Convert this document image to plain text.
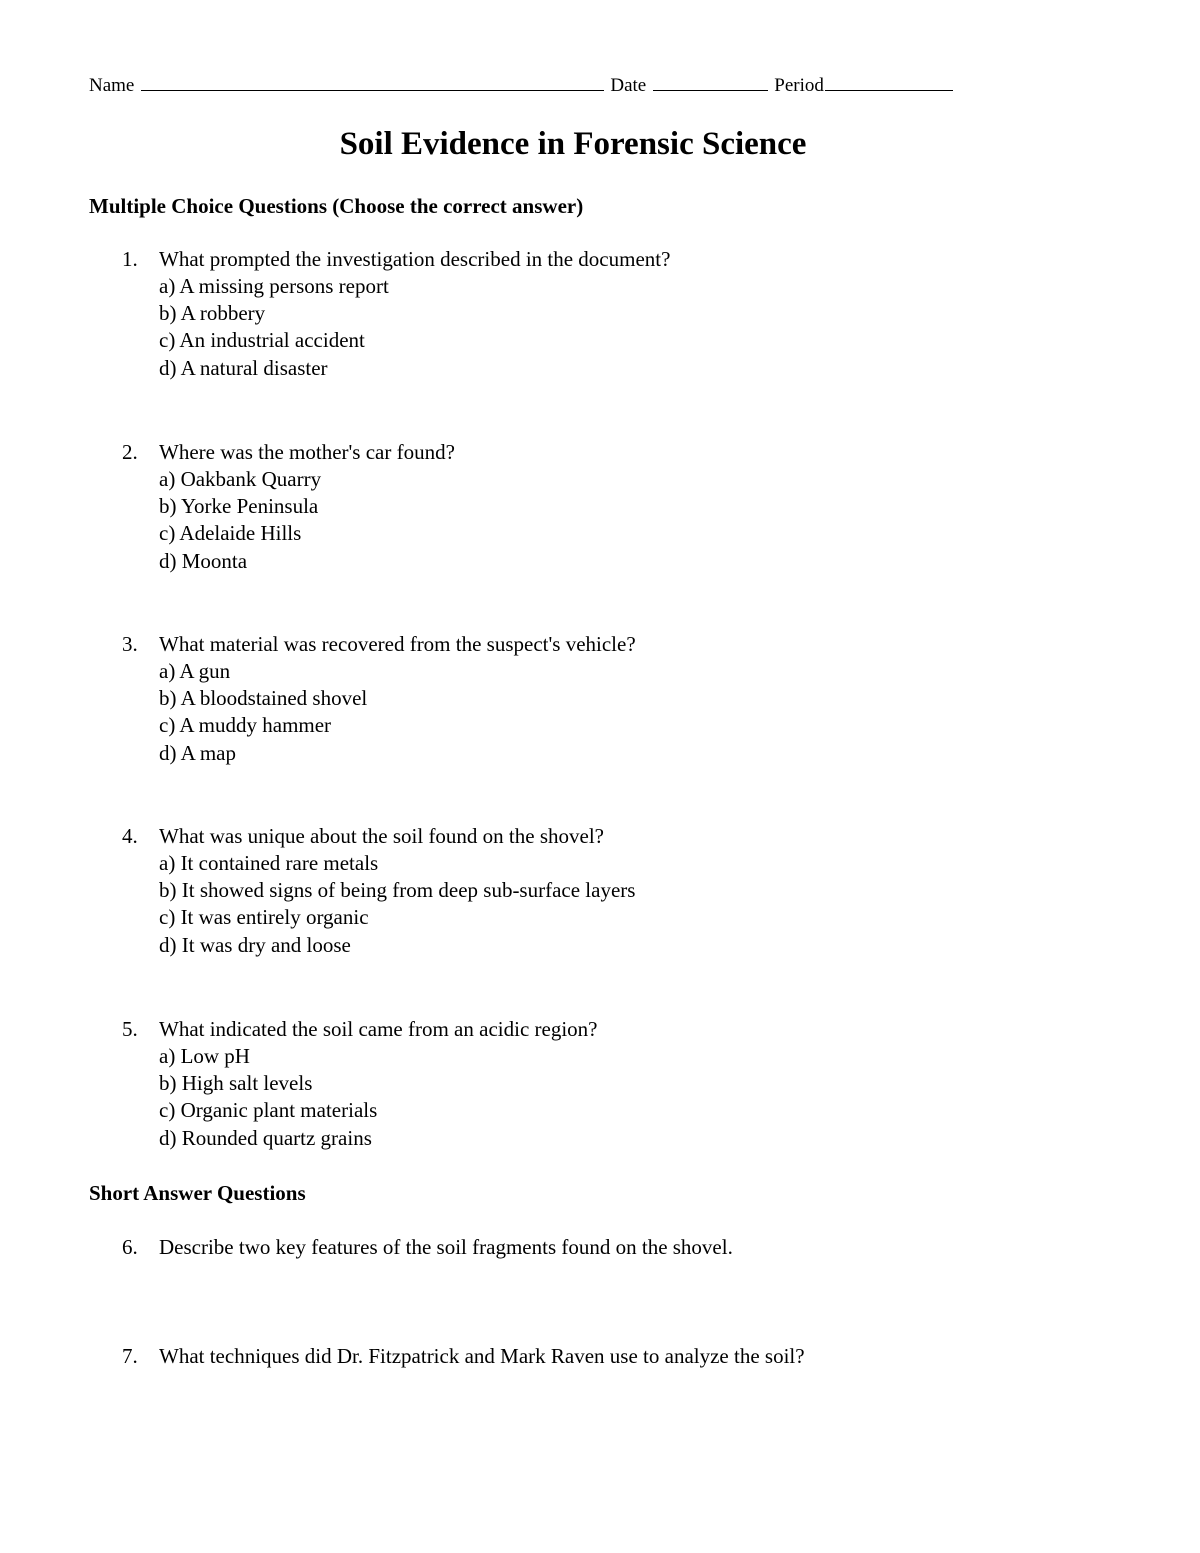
Name	Date	Period
Soil Evidence in Forensic Science
Multiple Choice Questions (Choose the correct answer)
1. What prompted the investigation described in the document?
a) A missing persons report
b) A robbery
c) An industrial accident
d) A natural disaster
2. Where was the mother's car found?
a) Oakbank Quarry
b) Yorke Peninsula
c) Adelaide Hills
d) Moonta
3. What material was recovered from the suspect's vehicle?
a) A gun
b) A bloodstained shovel
c) A muddy hammer
d) A map
4. What was unique about the soil found on the shovel?
a) It contained rare metals
b) It showed signs of being from deep sub-surface layers
c) It was entirely organic
d) It was dry and loose
5. What indicated the soil came from an acidic region?
a) Low pH
b) High salt levels
c) Organic plant materials
d) Rounded quartz grains
Short Answer Questions
6. Describe two key features of the soil fragments found on the shovel.
7. What techniques did Dr. Fitzpatrick and Mark Raven use to analyze the soil?
